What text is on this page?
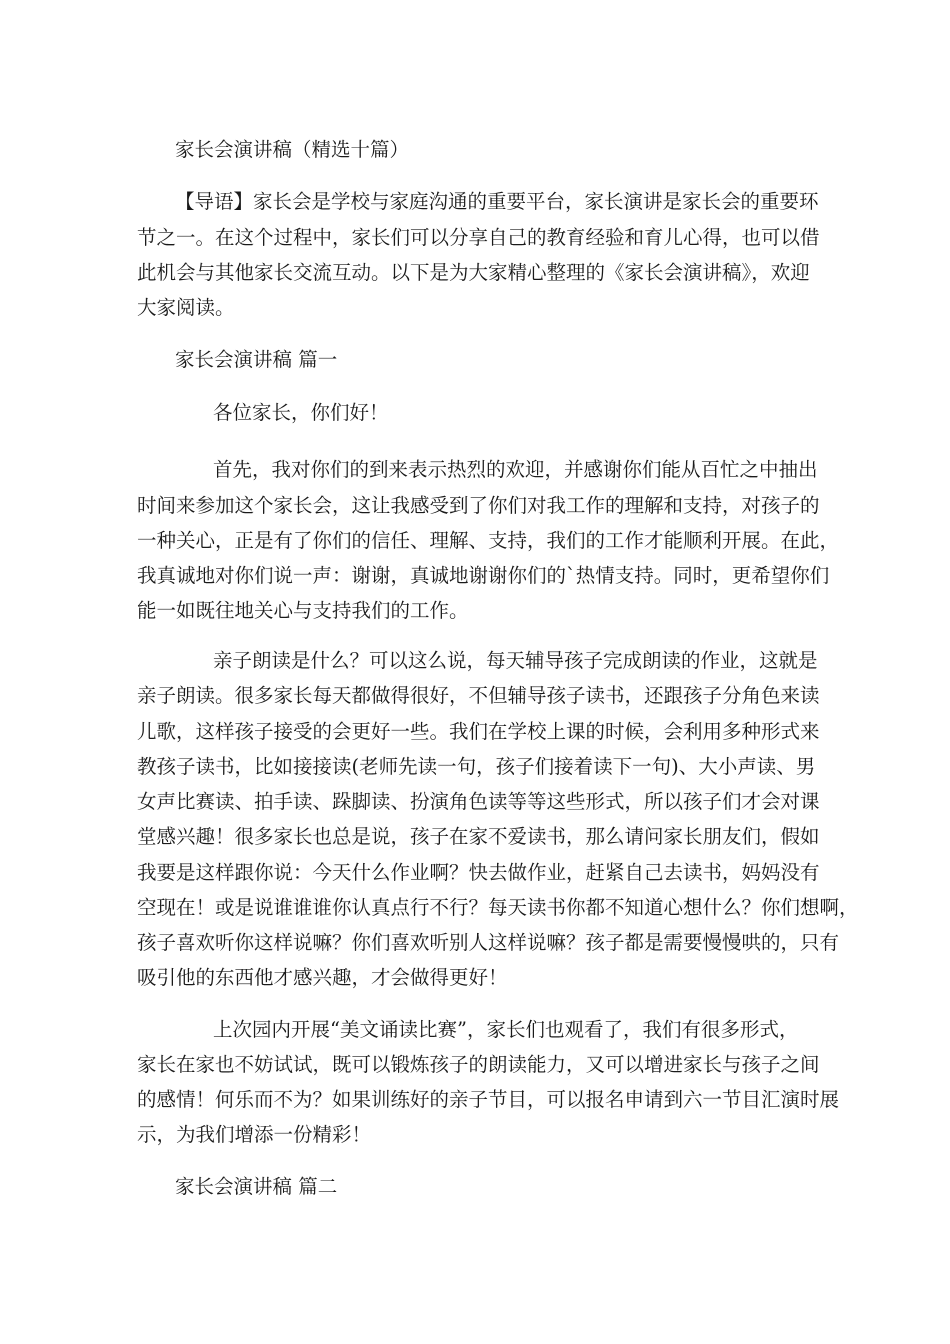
家长会演讲稿（精选十篇）

【导语】家长会是学校与家庭沟通的重要平台，家长演讲是家长会的重要环

节之一。在这个过程中，家长们可以分享自己的教育经验和育儿心得，也可以借

此机会与其他家长交流互动。以下是为大家精心整理的《家长会演讲稿》，欢迎

大家阅读。

家长会演讲稿 篇一

各位家长，你们好！

首先，我对你们的到来表示热烈的欢迎，并感谢你们能从百忙之中抽出

时间来参加这个家长会，这让我感受到了你们对我工作的理解和支持，对孩子的

一种关心，正是有了你们的信任、理解、支持，我们的工作才能顺利开展。在此，

我真诚地对你们说一声：谢谢，真诚地谢谢你们的`热情支持。同时，更希望你们

能一如既往地关心与支持我们的工作。

亲子朗读是什么？可以这么说，每天辅导孩子完成朗读的作业，这就是

亲子朗读。很多家长每天都做得很好，不但辅导孩子读书，还跟孩子分角色来读

儿歌，这样孩子接受的会更好一些。我们在学校上课的时候，会利用多种形式来

教孩子读书，比如接接读(老师先读一句，孩子们接着读下一句)、大小声读、男

女声比赛读、拍手读、跺脚读、扮演角色读等等这些形式，所以孩子们才会对课

堂感兴趣！很多家长也总是说，孩子在家不爱读书，那么请问家长朋友们，假如

我要是这样跟你说：今天什么作业啊？快去做作业，赶紧自己去读书，妈妈没有

空现在！或是说谁谁谁你认真点行不行？每天读书你都不知道心想什么？你们想啊，

孩子喜欢听你这样说嘛？你们喜欢听别人这样说嘛？孩子都是需要慢慢哄的，只有

吸引他的东西他才感兴趣，才会做得更好！

上次园内开展“美文诵读比赛”，家长们也观看了，我们有很多形式，

家长在家也不妨试试，既可以锻炼孩子的朗读能力，又可以增进家长与孩子之间

的感情！何乐而不为？如果训练好的亲子节目，可以报名申请到六一节目汇演时展

示，为我们增添一份精彩！

家长会演讲稿 篇二
